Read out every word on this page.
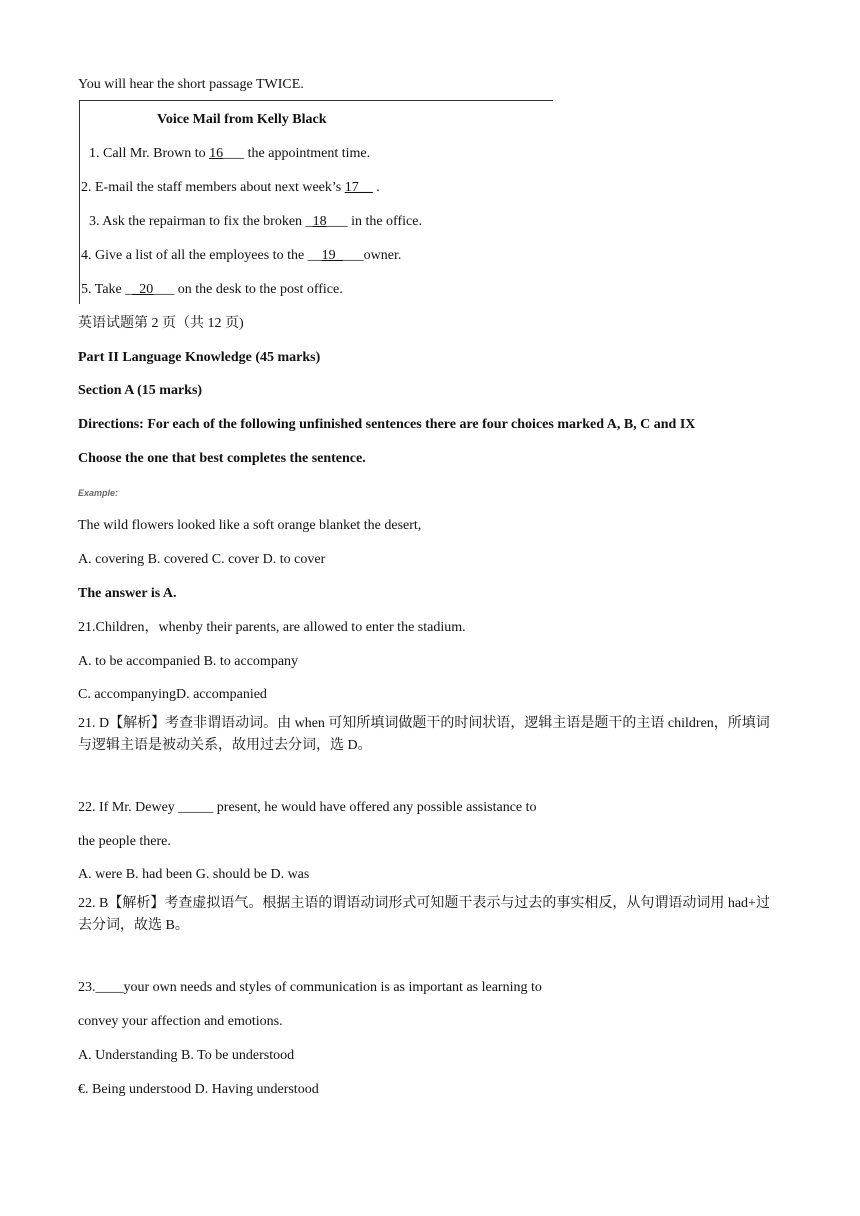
You will hear the short passage TWICE.
Voice Mail from Kelly Black
1. Call Mr. Brown to 16___ the appointment time.
2. E-mail the staff members about next week’s 17__ .
3. Ask the repairman to fix the broken _18___ in the office.
4. Give a list of all the employees to the __19____owner.
5. Take __20___ on the desk to the post office.
英语试题第 2 页（共 12 页)
Part II Language Knowledge (45 marks)
Section A (15 marks)
Directions: For each of the following unfinished sentences there are four choices marked A, B, C and IX
Choose the one that best completes the sentence.
Example:
The wild flowers looked like a soft orange blanket the desert,
A. covering B. covered C. cover D. to cover
The answer is A.
21.Children，whenby their parents, are allowed to enter the stadium.
A. to be accompanied B. to accompany
C. accompanyingD. accompanied
21. D【解析】考查非谓语动词。由 when 可知所填词做题干的时间状语，逻辑主语是题干的主语 children，所填词与逻辑主语是被动关系，故用过去分词，选 D。
22. If Mr. Dewey _____ present, he would have offered any possible assistance to
the people there.
A. were B. had been G. should be D. was
22. B【解析】考查虚拟语气。根据主语的谓语动词形式可知题干表示与过去的事实相反，从句谓语动词用 had+过去分词，故选 B。
23.____your own needs and styles of communication is as important as learning to
convey your affection and emotions.
A. Understanding B. To be understood
€. Being understood D. Having understood
